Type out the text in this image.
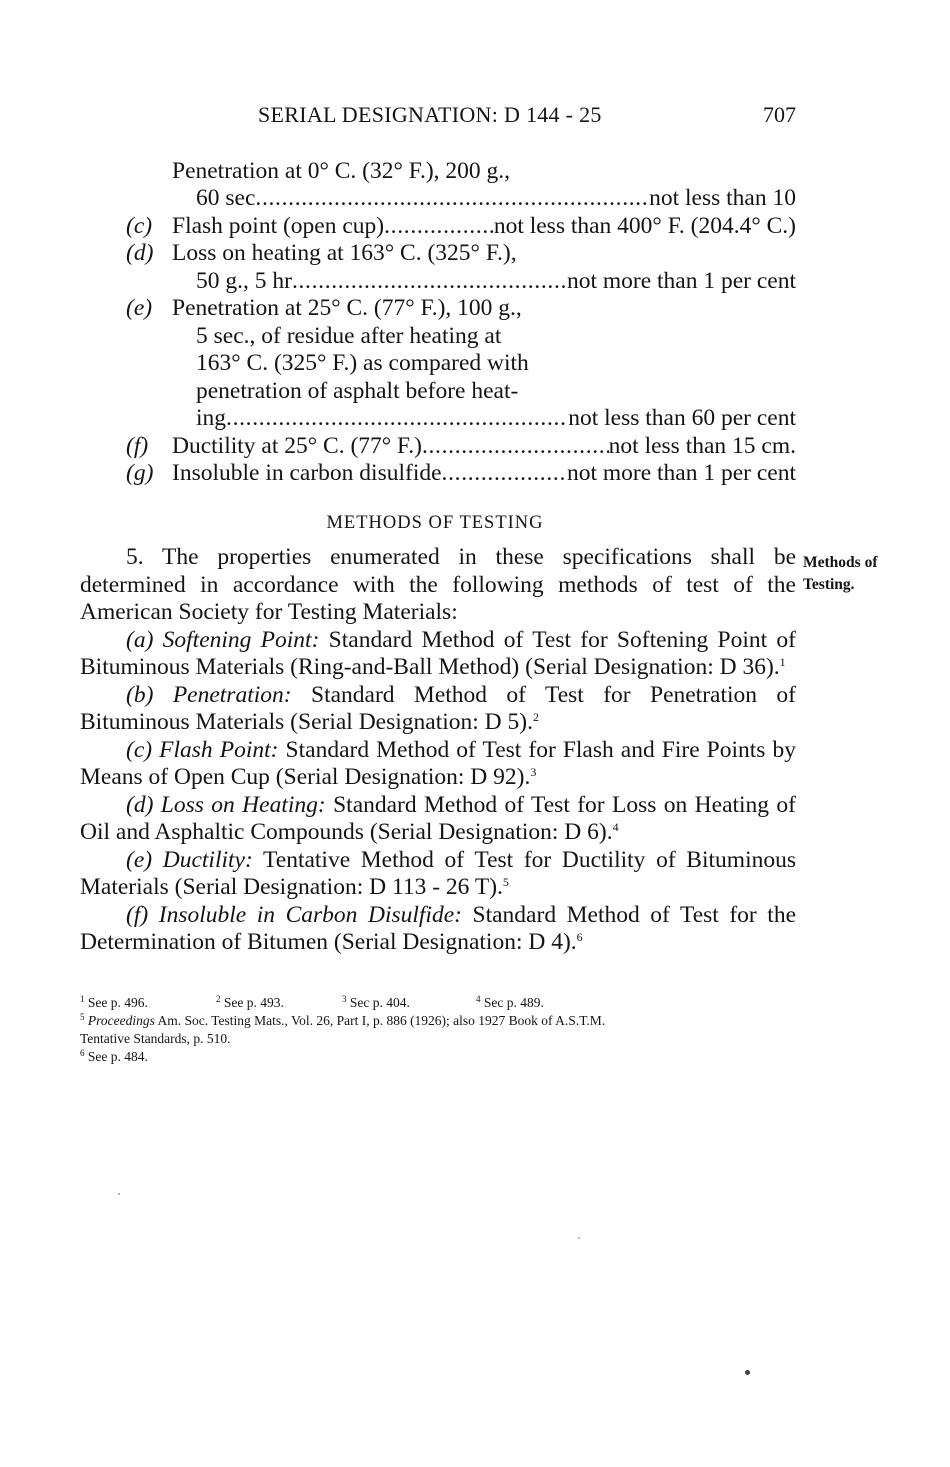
SERIAL DESIGNATION: D 144 - 25	707
Penetration at 0° C. (32° F.), 200 g.,
60 sec . . .	not less than 10
(c) Flash point (open cup) . . .	not less than 400° F. (204.4° C.)
(d) Loss on heating at 163° C. (325° F.),
50 g., 5 hr . . .	not more than 1 per cent
(e) Penetration at 25° C. (77° F.), 100 g.,
5 sec., of residue after heating at
163° C. (325° F.) as compared with
penetration of asphalt before heat-
ing . . .	not less than 60 per cent
(f)	Ductility at 25° C. (77° F.) . . .	not less than 15 cm.
(g) Insoluble in carbon disulfide . . .	not more than 1 per cent
METHODS OF TESTING
Methods of
Testing.

5. The properties enumerated in these specifications shall be determined in accordance with the following methods of test of the American Society for Testing Materials:

(a) Softening Point: Standard Method of Test for Softening Point of Bituminous Materials (Ring-and-Ball Method) (Serial Designation: D 36).$^1$

(b) Penetration: Standard Method of Test for Penetration of Bituminous Materials (Serial Designation: D 5).$^2$

(c) Flash Point: Standard Method of Test for Flash and Fire Points by Means of Open Cup (Serial Designation: D 92).$^3$

(d) Loss on Heating: Standard Method of Test for Loss on Heating of Oil and Asphaltic Compounds (Serial Designation: D 6).$^4$

(e) Ductility: Tentative Method of Test for Ductility of Bituminous Materials (Serial Designation: D 113 - 26 T).$^5$

(f) Insoluble in Carbon Disulfide: Standard Method of Test for the Determination of Bitumen (Serial Designation: D 4).$^6$

$^1$ See p. 496.	$^2$ See p. 493.	$^3$ Sec p. 404.	$^4$ Sec p. 489.
$^5$ Proceedings Am. Soc. Testing Mats., Vol. 26, Part I, p. 886 (1926); also 1927 Book of A.S.T.M.
Tentative Standards, p. 510.
$^6$ See p. 484.
